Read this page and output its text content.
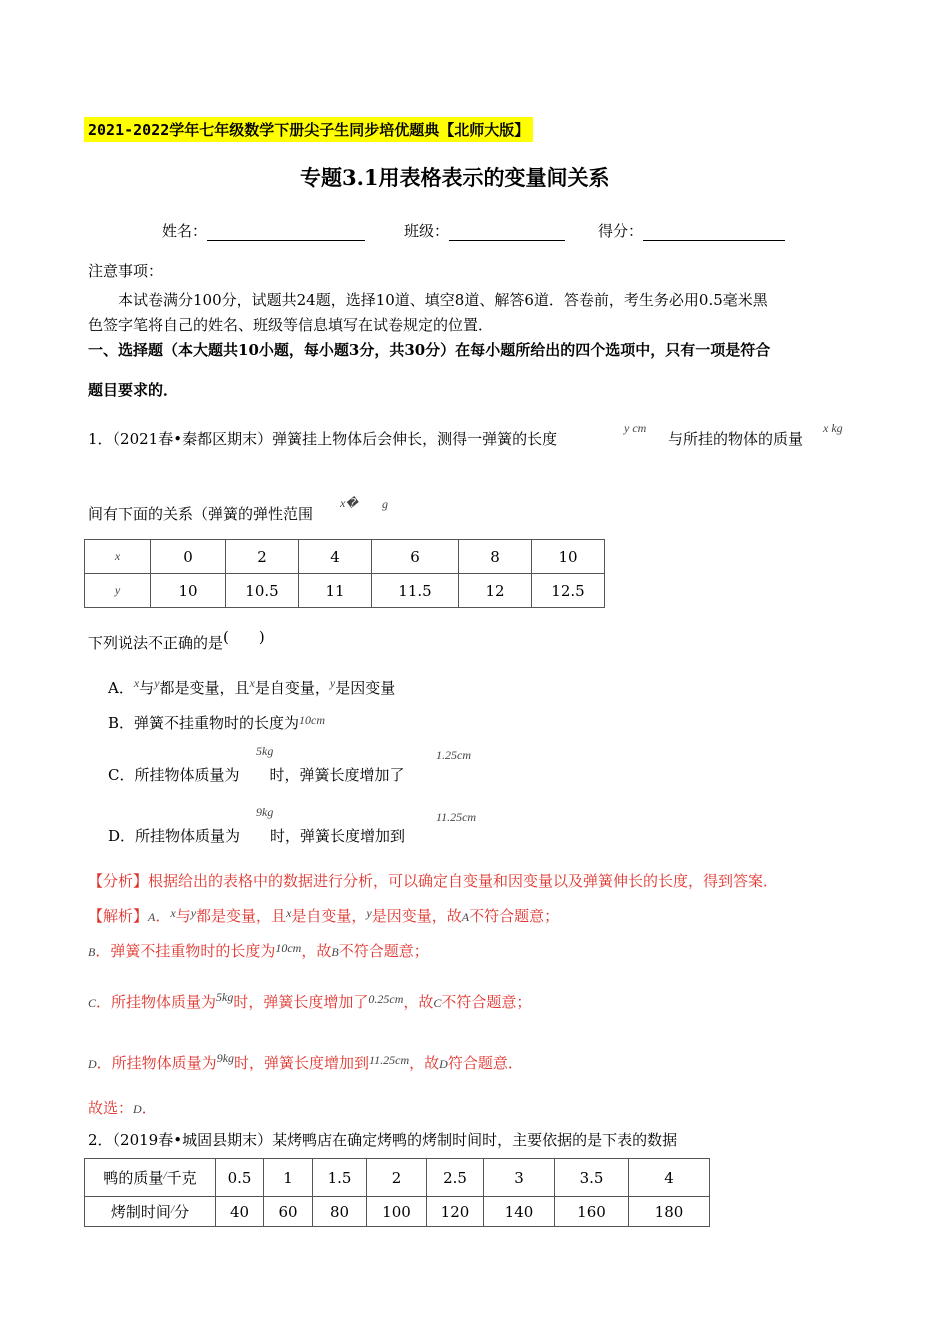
2021-2022学年七年级数学下册尖子生同步培优题典【北师大版】
专题3.1用表格表示的变量间关系
姓名：	班级：	得分：
注意事项：
本试卷满分100分，试题共24题，选择10道、填空8道、解答6道．答卷前，考生务必用0.5毫米黑
色签字笔将自己的姓名、班级等信息填写在试卷规定的位置．
一、选择题（本大题共10小题，每小题3分，共30分）在每小题所给出的四个选项中，只有一项是符合
题目要求的．
1．（2021春•秦都区期末）弹簧挂上物体后会伸长，测得一弹簧的长度
y cm
与所挂的物体的质量
x kg
间有下面的关系（弹簧的弹性范围
x� g
x	0	2	4	6	8	10
y	10	10.5	11	11.5	12	12.5
下列说法不正确的是(　　)
A．$^x$与$^y$都是变量，且$^x$是自变量，$^y$是因变量
B．弹簧不挂重物时的长度为$^{10cm}$
5kg	1.25cm
C．所挂物体质量为 时，弹簧长度增加了
9kg	11.25cm
D．所挂物体质量为 时，弹簧长度增加到
【分析】根据给出的表格中的数据进行分析，可以确定自变量和因变量以及弹簧伸长的长度，得到答案．
【解析】A．$^x$与$^y$都是变量，且$^x$是自变量，$^y$是因变量，故A不符合题意；
B．弹簧不挂重物时的长度为$^{10cm}$，故B不符合题意；
C．所挂物体质量为$^{5kg}$时，弹簧长度增加了$^{0.25cm}$，故C不符合题意；
D．所挂物体质量为$^{9kg}$时，弹簧长度增加到$^{11.25cm}$，故D符合题意．
故选：D．
2．（2019春•城固县期末）某烤鸭店在确定烤鸭的烤制时间时，主要依据的是下表的数据
鸭的质量/千克	0.5	1	1.5	2	2.5	3	3.5	4
烤制时间/分	40	60	80	100	120	140	160	180
